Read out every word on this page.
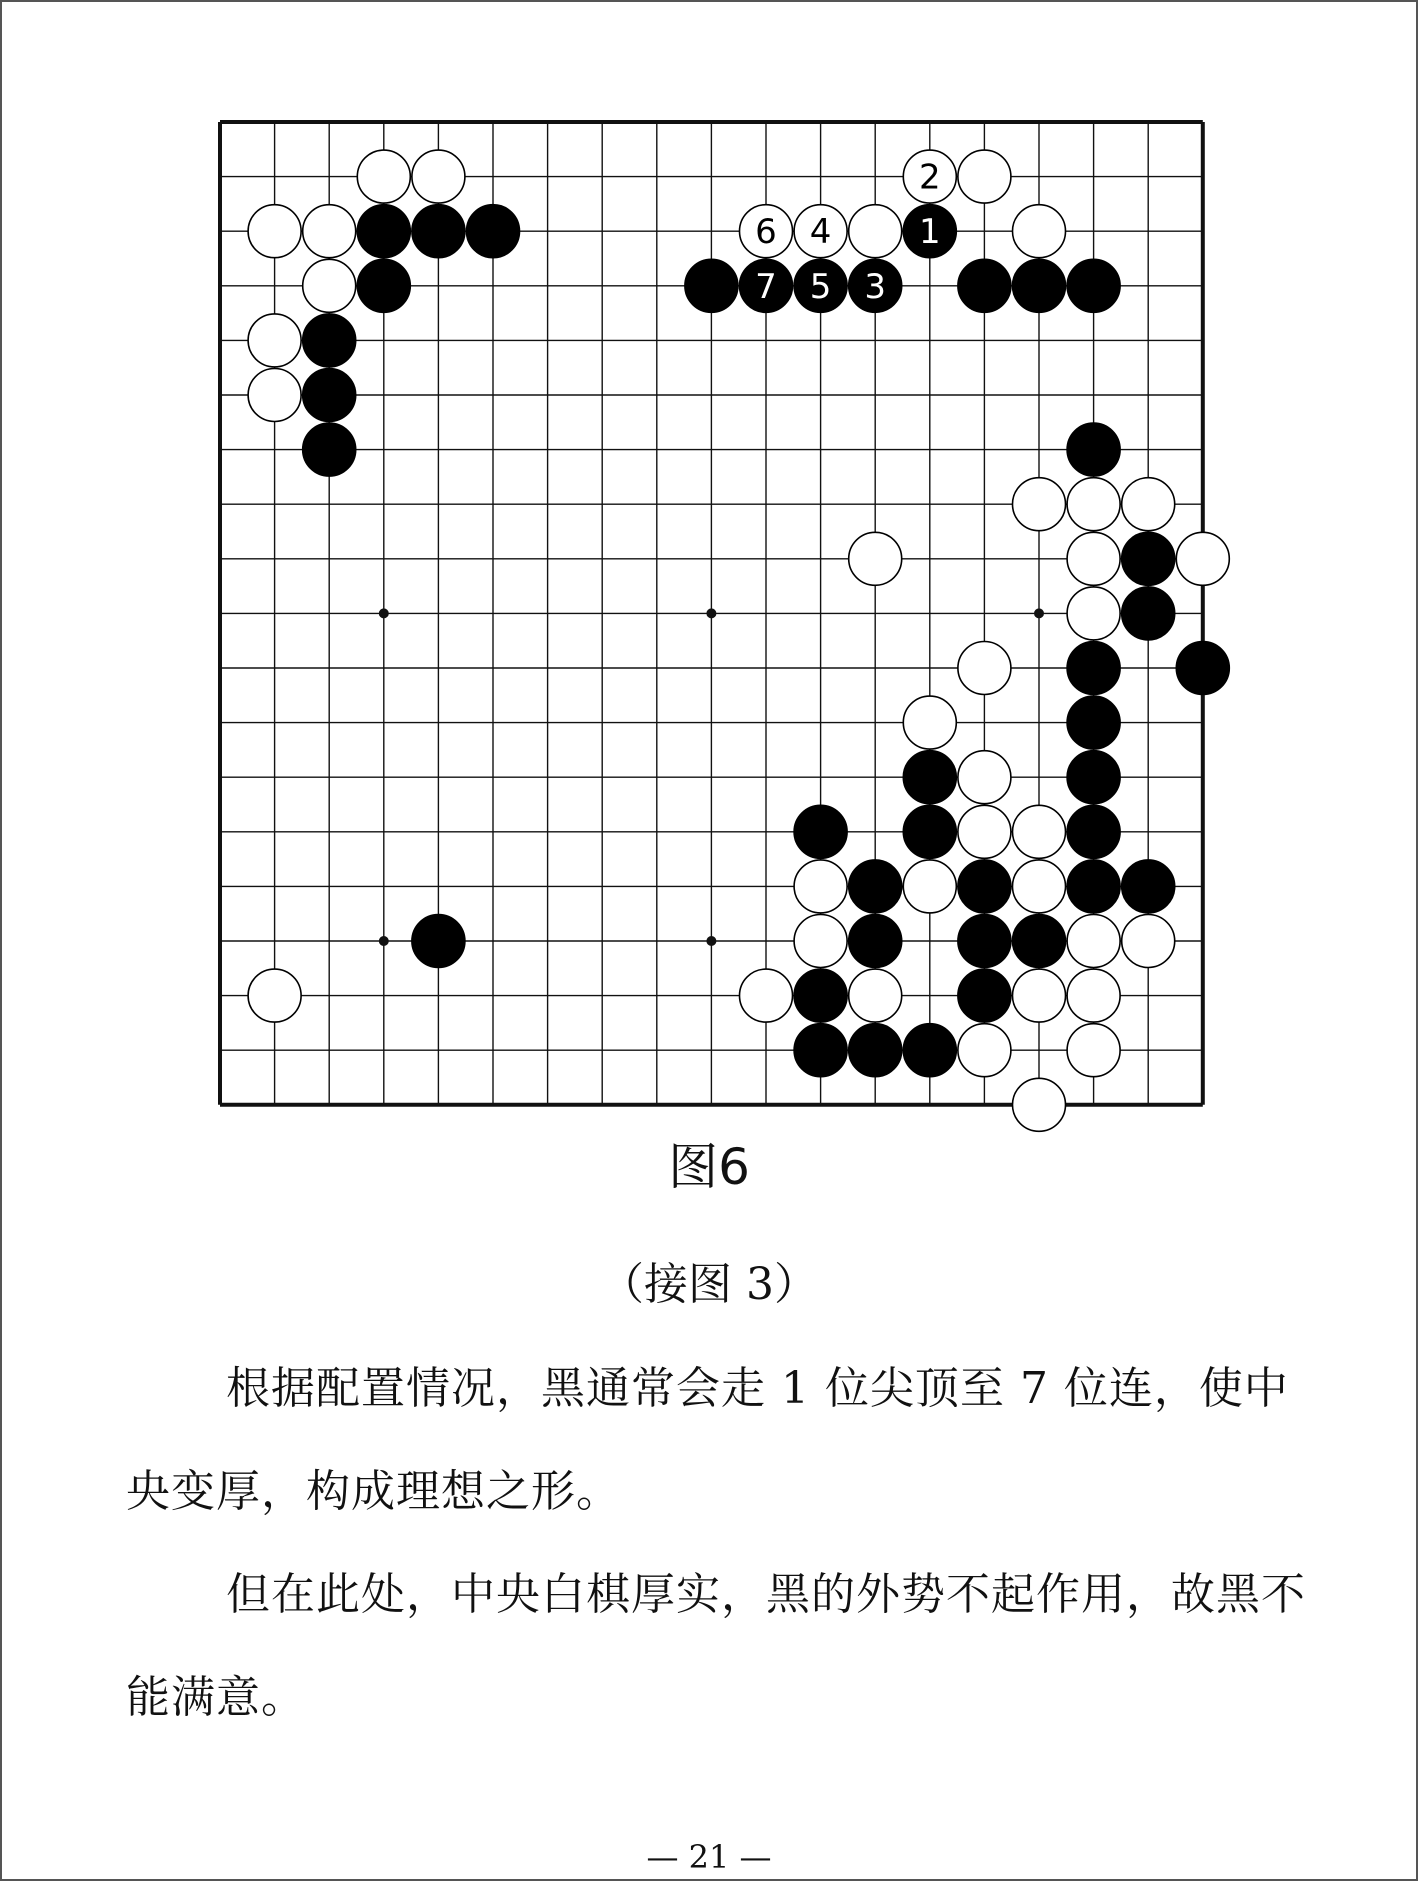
2
6 4	1
7 5 3
图6
（接图 3）

根据配置情况，黑通常会走 1 位尖顶至 7 位连，使中央变厚，构成理想之形。

但在此处，中央白棋厚实，黑的外势不起作用，故黑不能满意。

— 21 —
